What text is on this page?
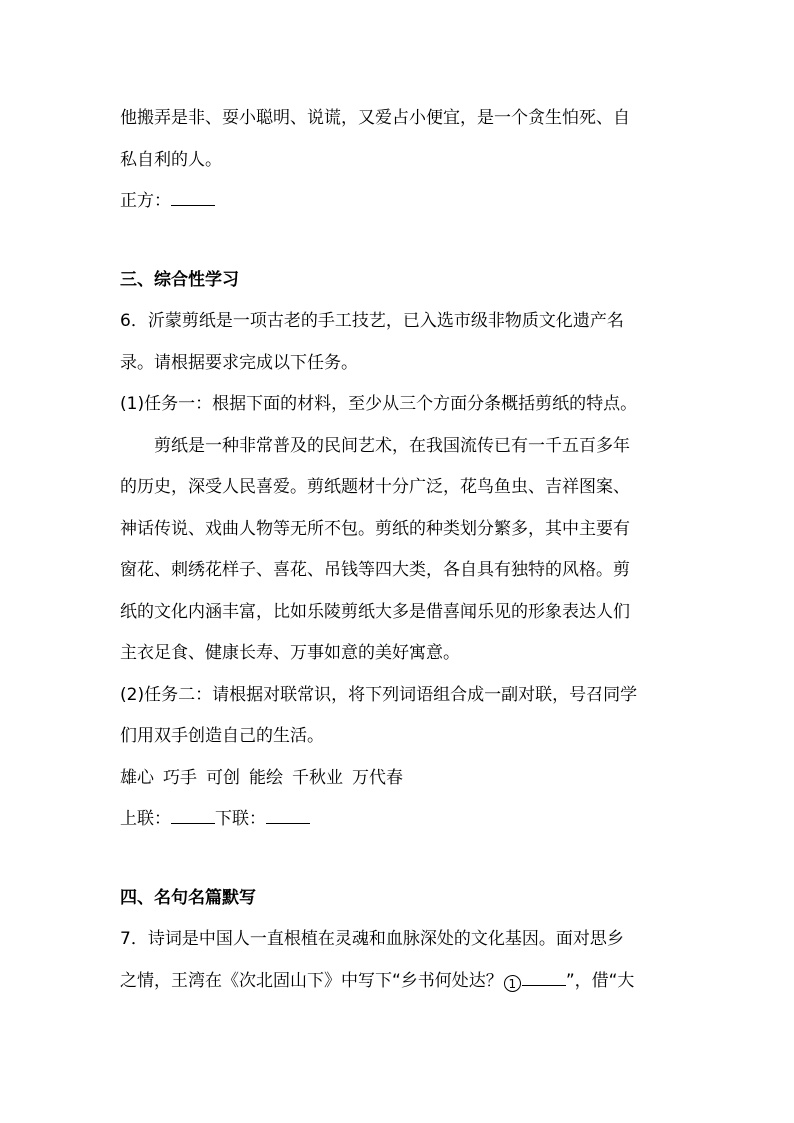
他搬弄是非、耍小聪明、说谎，又爱占小便宜，是一个贪生怕死、自
私自利的人。
正方：
三、综合性学习
6．沂蒙剪纸是一项古老的手工技艺，已入选市级非物质文化遗产名
录。请根据要求完成以下任务。
(1)任务一：根据下面的材料，至少从三个方面分条概括剪纸的特点。
剪纸是一种非常普及的民间艺术，在我国流传已有一千五百多年
的历史，深受人民喜爱。剪纸题材十分广泛，花鸟鱼虫、吉祥图案、
神话传说、戏曲人物等无所不包。剪纸的种类划分繁多，其中主要有
窗花、刺绣花样子、喜花、吊钱等四大类，各自具有独特的风格。剪
纸的文化内涵丰富，比如乐陵剪纸大多是借喜闻乐见的形象表达人们
主衣足食、健康长寿、万事如意的美好寓意。
(2)任务二：请根据对联常识，将下列词语组合成一副对联，号召同学
们用双手创造自己的生活。
雄心 巧手 可创 能绘 千秋业 万代春
上联：	下联：
四、名句名篇默写
7．诗词是中国人一直根植在灵魂和血脉深处的文化基因。面对思乡
之情，王湾在《次北固山下》中写下“乡书何处达？ 1	”，借“大
